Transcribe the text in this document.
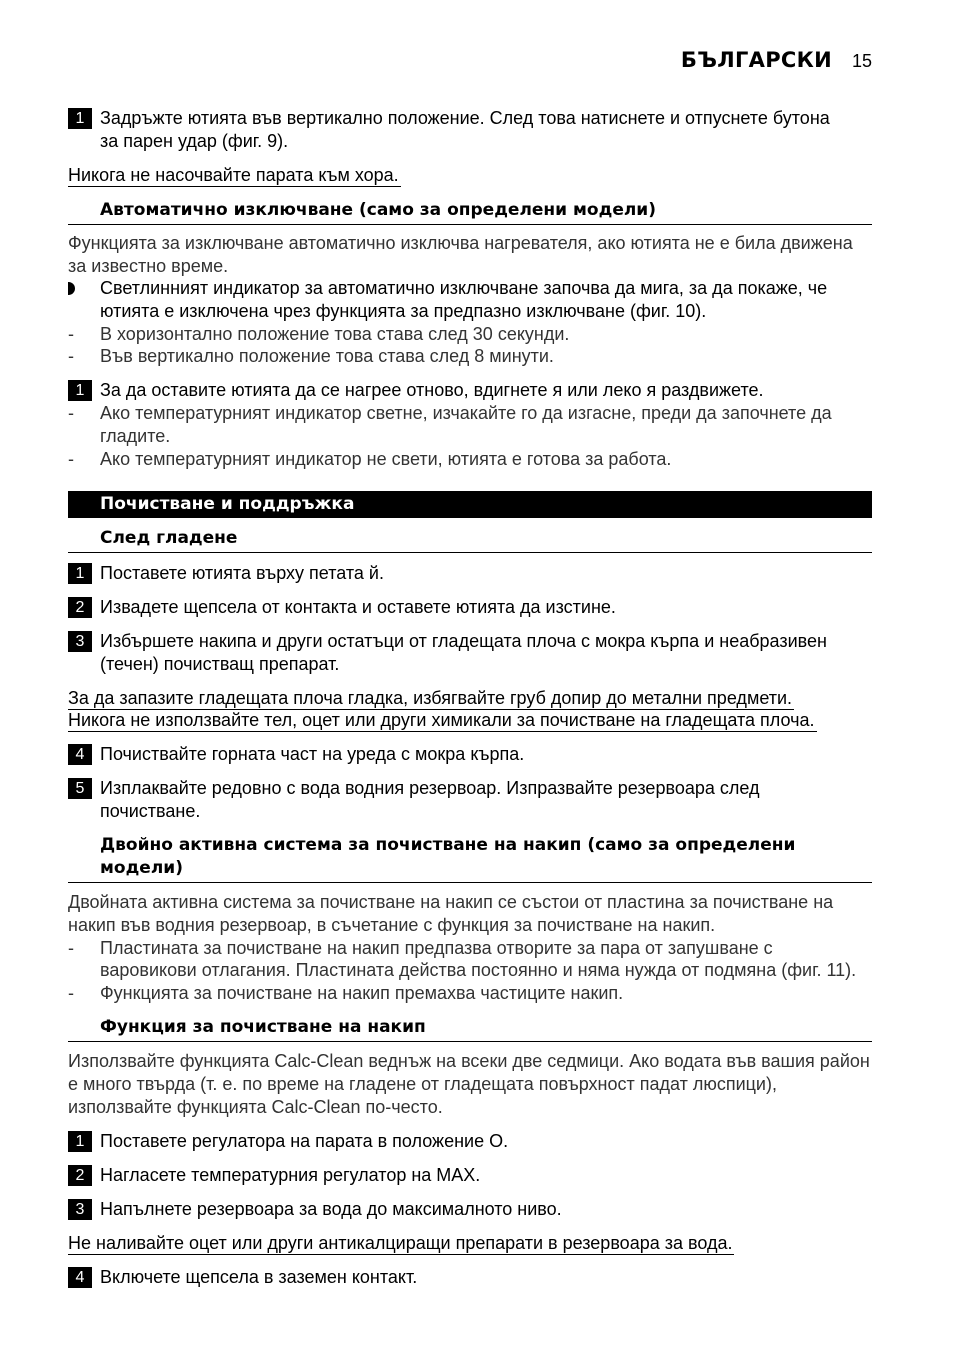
БЪЛГАРСКИ 15
1 Задръжте ютията във вертикално положение. След това натиснете и отпуснете бутона
за парен удар (фиг. 9).
Никога не насочвайте парата към хора.
Автоматично изключване (само за определени модели)
Функцията за изключване автоматично изключва нагревателя, ако ютията не е била движена
за известно време.
Светлинният индикатор за автоматично изключване започва да мига, за да покаже, че
ютията е изключена чрез функцията за предпазно изключване (фиг. 10).
-	В хоризонтално положение това става след 30 секунди.
-	Във вертикално положение това става след 8 минути.
1 За да оставите ютията да се нагрее отново, вдигнете я или леко я раздвижете.
-	Ако температурният индикатор светне, изчакайте го да изгасне, преди да започнете да
гладите.
-	Ако температурният индикатор не свети, ютията е готова за работа.
Почистване и поддръжка
След гладене
1 Поставете ютията върху петата й.
2 Извадете щепсела от контакта и оставете ютията да изстине.
3 Избършете накипа и други остатъци от гладещата плоча с мокра кърпа и неабразивен
(течен) почистващ препарат.
За да запазите гладещата плоча гладка, избягвайте груб допир до метални предмети.
Никога не използвайте тел, оцет или други химикали за почистване на гладещата плоча.
4 Почиствайте горната част на уреда с мокра кърпа.
5 Изплаквайте редовно с вода водния резервоар. Изпразвайте резервоара след
почистване.
Двойно активна система за почистване на накип (само за определени
модели)
Двойната активна система за почистване на накип се състои от пластина за почистване на
накип във водния резервоар, в съчетание с функция за почистване на накип.
-	Пластината за почистване на накип предпазва отворите за пара от запушване с
варовикови отлагания. Пластината действа постоянно и няма нужда от подмяна (фиг. 11).
-	Функцията за почистване на накип премахва частиците накип.
Функция за почистване на накип
Използвайте функцията Calc-Clean веднъж на всеки две седмици. Ако водата във вашия район
е много твърда (т. е. по време на гладене от гладещата повърхност падат люспици),
използвайте функцията Calc-Clean по-често.
1 Поставете регулатора на парата в положение O.
2 Нагласете температурния регулатор на MAX.
3 Напълнете резервоара за вода до максималното ниво.
Не наливайте оцет или други антикалциращи препарати в резервоара за вода.
4 Включете щепсела в заземен контакт.
